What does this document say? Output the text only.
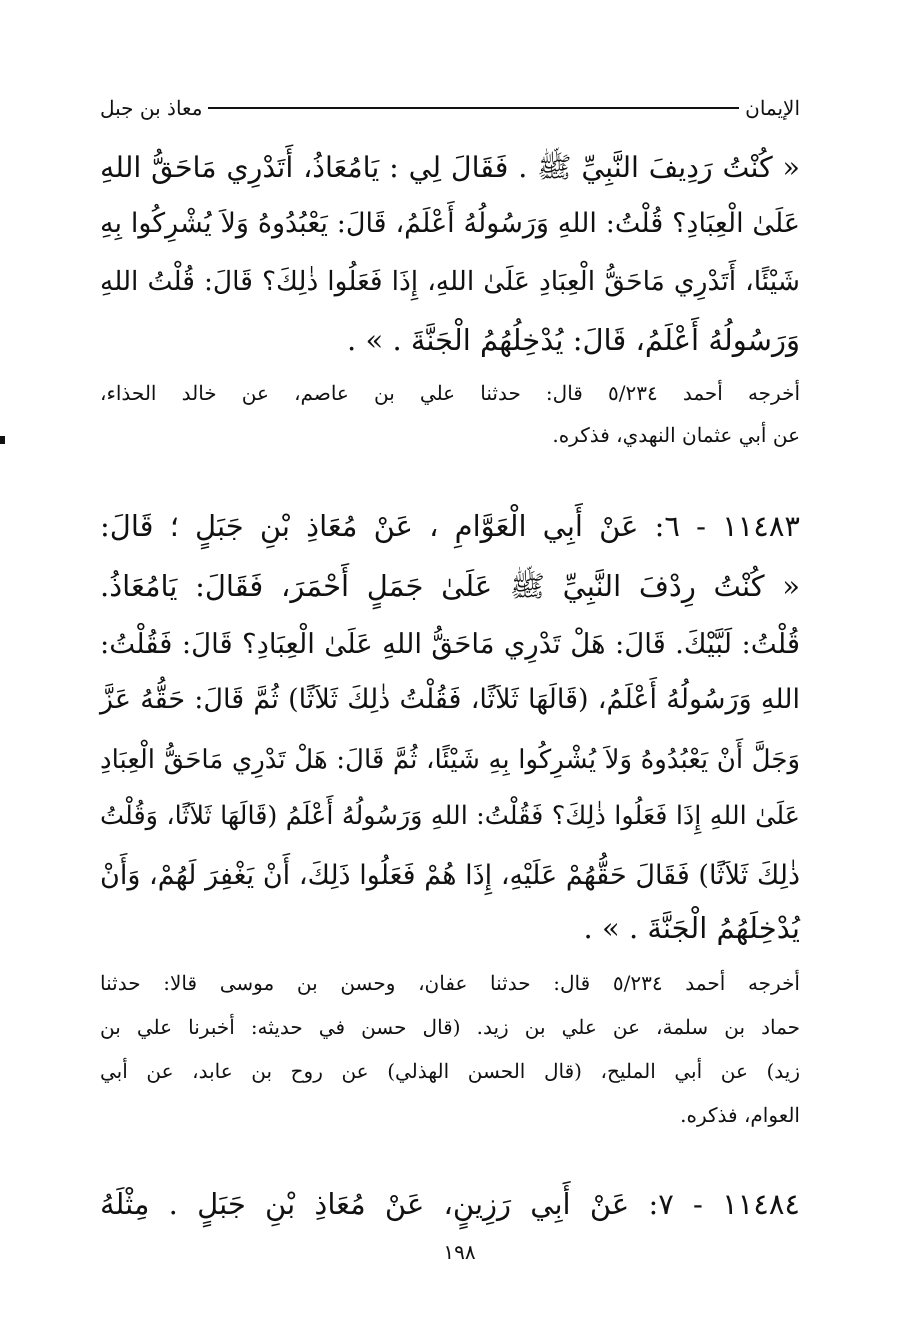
الإيمان
معاذ بن جبل
« كُنْتُ رَدِيفَ النَّبِيِّ ﷺ . فَقَالَ لِي : يَامُعَاذُ، أَتَدْرِي مَاحَقُّ اللهِ
عَلَىٰ الْعِبَادِ؟ قُلْتُ: اللهِ وَرَسُولُهُ أَعْلَمُ، قَالَ: يَعْبُدُوهُ وَلاَ يُشْرِكُوا بِهِ
شَيْئًا، أَتَدْرِي مَاحَقُّ الْعِبَادِ عَلَىٰ اللهِ، إِذَا فَعَلُوا ذٰلِكَ؟ قَالَ: قُلْتُ اللهِ
وَرَسُولُهُ أَعْلَمُ، قَالَ: يُدْخِلُهُمُ الْجَنَّةَ . » .
أخرجه أحمد ٥/٢٣٤ قال: حدثنا علي بن عاصم، عن خالد الحذاء،
عن أبي عثمان النهدي، فذكره.
١١٤٨٣ - ٦: عَنْ أَبِي الْعَوَّامِ ، عَنْ مُعَاذِ بْنِ جَبَلٍ ؛ قَالَ:
« كُنْتُ رِدْفَ النَّبِيِّ ﷺ عَلَىٰ جَمَلٍ أَحْمَرَ، فَقَالَ: يَامُعَاذُ.
قُلْتُ: لَبَّيْكَ. قَالَ: هَلْ تَدْرِي مَاحَقُّ اللهِ عَلَىٰ الْعِبَادِ؟ قَالَ: فَقُلْتُ:
اللهِ وَرَسُولُهُ أَعْلَمُ، (قَالَهَا ثَلاَثًا، فَقُلْتُ ذٰلِكَ ثَلاَثًا) ثُمَّ قَالَ: حَقُّهُ عَزَّ
وَجَلَّ أَنْ يَعْبُدُوهُ وَلاَ يُشْرِكُوا بِهِ شَيْئًا، ثُمَّ قَالَ: هَلْ تَدْرِي مَاحَقُّ الْعِبَادِ
عَلَىٰ اللهِ إِذَا فَعَلُوا ذٰلِكَ؟ فَقُلْتُ: اللهِ وَرَسُولُهُ أَعْلَمُ (قَالَهَا ثَلاَثًا، وَقُلْتُ
ذٰلِكَ ثَلاَثًا) فَقَالَ حَقُّهُمْ عَلَيْهِ، إِذَا هُمْ فَعَلُوا ذَلِكَ، أَنْ يَغْفِرَ لَهُمْ، وَأَنْ
يُدْخِلَهُمُ الْجَنَّةَ . » .
أخرجه أحمد ٥/٢٣٤ قال: حدثنا عفان، وحسن بن موسى قالا: حدثنا
حماد بن سلمة، عن علي بن زيد. (قال حسن في حديثه: أخبرنا علي بن
زيد) عن أبي المليح، (قال الحسن الهذلي) عن روح بن عابد، عن أبي
العوام، فذكره.
١١٤٨٤ - ٧: عَنْ أَبِي رَزِينٍ، عَنْ مُعَاذِ بْنِ جَبَلٍ . مِثْلَهُ
١٩٨
